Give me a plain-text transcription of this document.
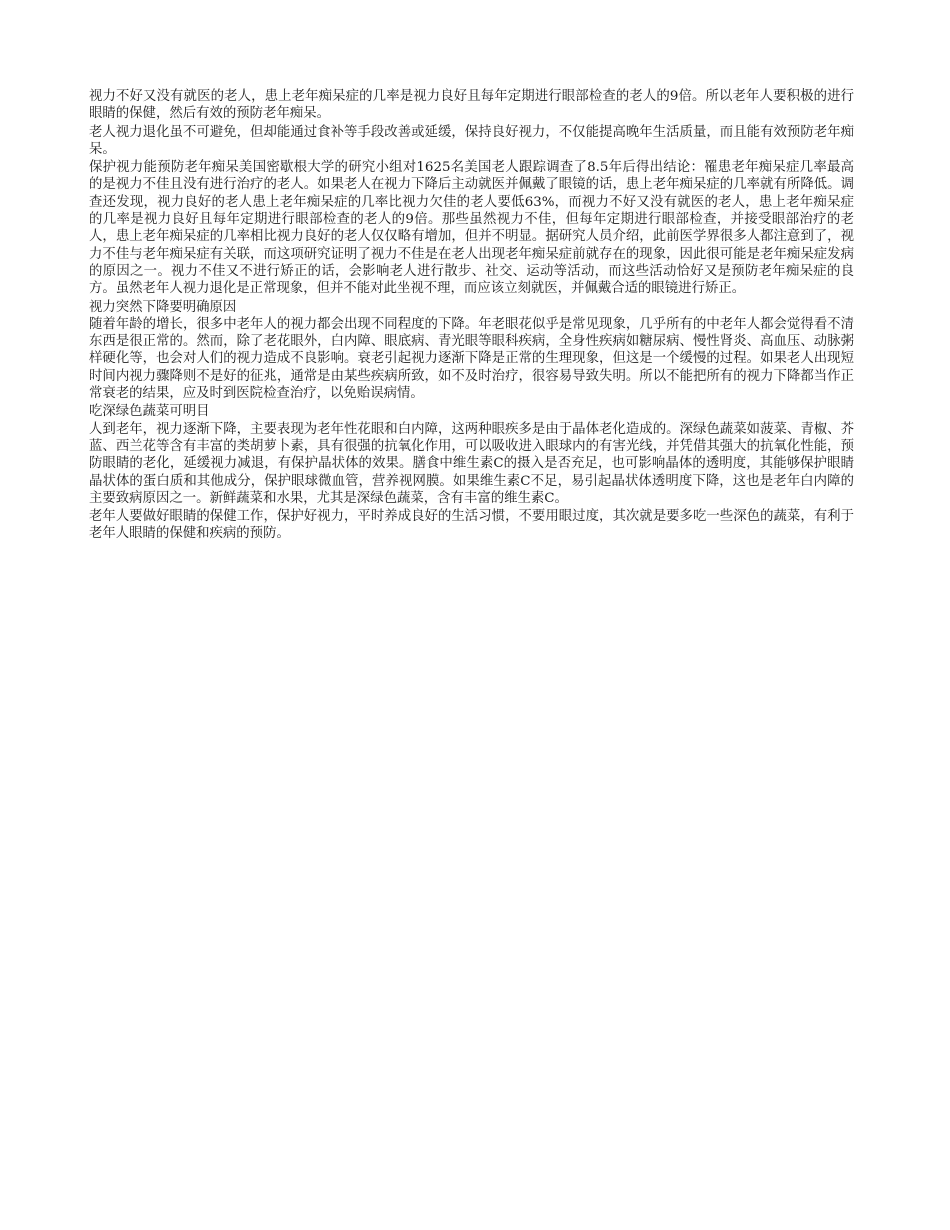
视力不好又没有就医的老人，患上老年痴呆症的几率是视力良好且每年定期进行眼部检查的老人的9倍。所以老年人要积极的进行眼睛的保健，然后有效的预防老年痴呆。

老人视力退化虽不可避免，但却能通过食补等手段改善或延缓，保持良好视力，不仅能提高晚年生活质量，而且能有效预防老年痴呆。

保护视力能预防老年痴呆美国密歇根大学的研究小组对1625名美国老人跟踪调查了8.5年后得出结论：罹患老年痴呆症几率最高的是视力不佳且没有进行治疗的老人。如果老人在视力下降后主动就医并佩戴了眼镜的话，患上老年痴呆症的几率就有所降低。调查还发现，视力良好的老人患上老年痴呆症的几率比视力欠佳的老人要低63%，而视力不好又没有就医的老人，患上老年痴呆症的几率是视力良好且每年定期进行眼部检查的老人的9倍。那些虽然视力不佳，但每年定期进行眼部检查，并接受眼部治疗的老人，患上老年痴呆症的几率相比视力良好的老人仅仅略有增加，但并不明显。据研究人员介绍，此前医学界很多人都注意到了，视力不佳与老年痴呆症有关联，而这项研究证明了视力不佳是在老人出现老年痴呆症前就存在的现象，因此很可能是老年痴呆症发病的原因之一。视力不佳又不进行矫正的话，会影响老人进行散步、社交、运动等活动，而这些活动恰好又是预防老年痴呆症的良方。虽然老年人视力退化是正常现象，但并不能对此坐视不理，而应该立刻就医，并佩戴合适的眼镜进行矫正。

视力突然下降要明确原因

随着年龄的增长，很多中老年人的视力都会出现不同程度的下降。年老眼花似乎是常见现象，几乎所有的中老年人都会觉得看不清东西是很正常的。然而，除了老花眼外，白内障、眼底病、青光眼等眼科疾病，全身性疾病如糖尿病、慢性肾炎、高血压、动脉粥样硬化等，也会对人们的视力造成不良影响。衰老引起视力逐渐下降是正常的生理现象，但这是一个缓慢的过程。如果老人出现短时间内视力骤降则不是好的征兆，通常是由某些疾病所致，如不及时治疗，很容易导致失明。所以不能把所有的视力下降都当作正常衰老的结果，应及时到医院检查治疗，以免贻误病情。

吃深绿色蔬菜可明目

人到老年，视力逐渐下降，主要表现为老年性花眼和白内障，这两种眼疾多是由于晶体老化造成的。深绿色蔬菜如菠菜、青椒、芥蓝、西兰花等含有丰富的类胡萝卜素，具有很强的抗氧化作用，可以吸收进入眼球内的有害光线，并凭借其强大的抗氧化性能，预防眼睛的老化，延缓视力减退，有保护晶状体的效果。膳食中维生素C的摄入是否充足，也可影响晶体的透明度，其能够保护眼睛晶状体的蛋白质和其他成分，保护眼球微血管，营养视网膜。如果维生素C不足，易引起晶状体透明度下降，这也是老年白内障的主要致病原因之一。新鲜蔬菜和水果，尤其是深绿色蔬菜，含有丰富的维生素C。

老年人要做好眼睛的保健工作，保护好视力，平时养成良好的生活习惯，不要用眼过度，其次就是要多吃一些深色的蔬菜，有利于老年人眼睛的保健和疾病的预防。
